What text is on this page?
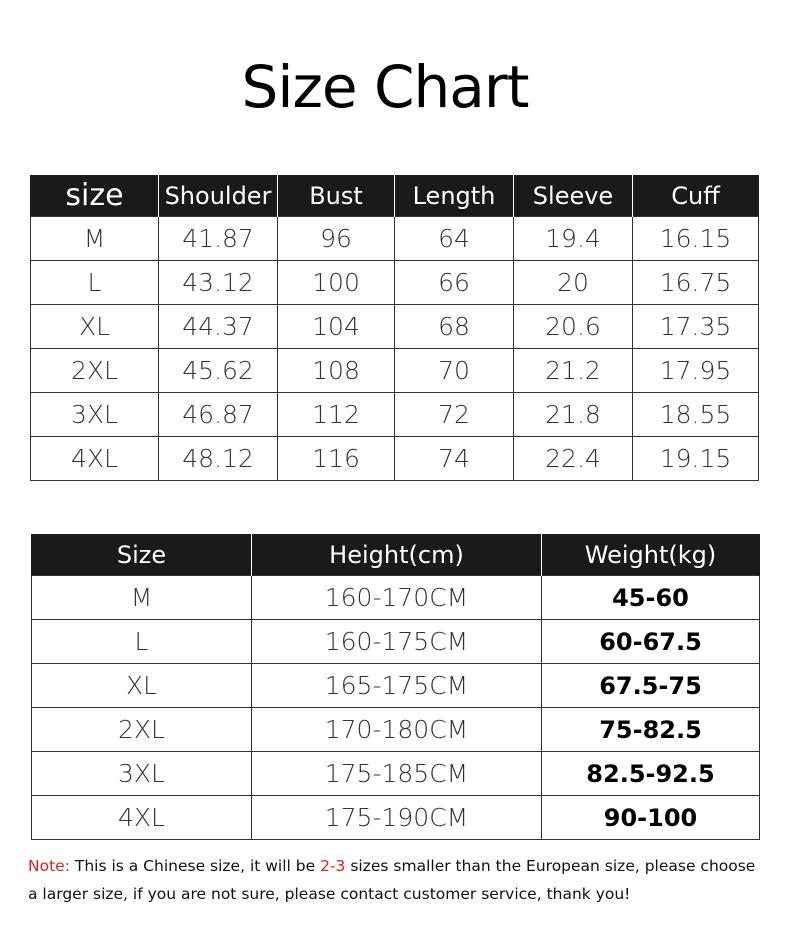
Size Chart
size	Shoulder	Bust	Length	Sleeve	Cuff
M	41.87	96	64	19.4	16.15
L	43.12	100	66	20	16.75
XL	44.37	104	68	20.6	17.35
2XL	45.62	108	70	21.2	17.95
3XL	46.87	112	72	21.8	18.55
4XL	48.12	116	74	22.4	19.15
Size	Height(cm)	Weight(kg)
M	160-170CM	45-60
L	160-175CM	60-67.5
XL	165-175CM	67.5-75
2XL	170-180CM	75-82.5
3XL	175-185CM	82.5-92.5
4XL	175-190CM	90-100
Note: This is a Chinese size, it will be 2-3 sizes smaller than the European size, please choose a larger size, if you are not sure, please contact customer service, thank you!
